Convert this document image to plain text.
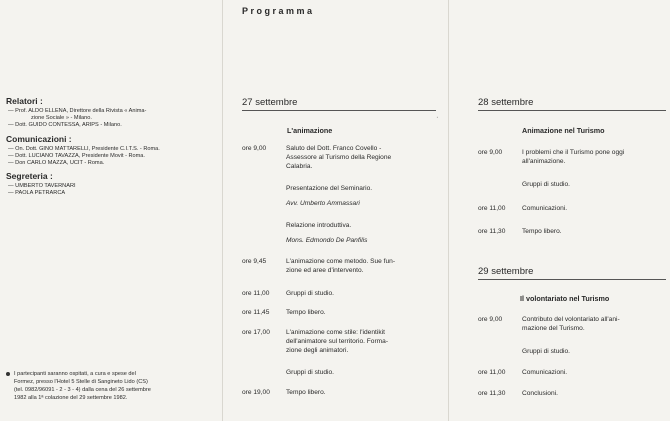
Relatori :
— Prof. ALDO ELLENA, Direttore della Rivista « Anima-
zione Sociale » - Milano.
— Dott. GUIDO CONTESSA, ARIPS - Milano.
Comunicazioni :
— On. Dott. GINO MATTARELLI, Presidente C.I.T.S. - Roma.
— Dott. LUCIANO TAVAZZA, Presidente Movit - Roma.
— Don CARLO MAZZA, UCIT - Roma.
Segreteria :
— UMBERTO TAVERNARI
— PAOLA PETRARCA
I partecipanti saranno ospitati, a cura e spese del
Formez, presso l'Hotel 5 Stelle di Sangineto Lido (CS)
(tel. 0982/96091 - 2 - 3 - 4) dalla cena del 26 settembre
1982 alla 1ª colazione del 29 settembre 1982.
Programma
27 settembre
L'animazione
ore 9,00	Saluto del Dott. Franco Covello -
Assessore al Turismo della Regione
Calabria.
Presentazione del Seminario.
Avv. Umberto Ammassari
Relazione introduttiva.
Mons. Edmondo De Panfilis
ore 9,45	L'animazione come metodo. Sue fun-
zione ed aree d'intervento.
ore 11,00	Gruppi di studio.
ore 11,45	Tempo libero.
ore 17,00 L'animazione come stile: l'identikit
dell'animatore sul territorio. Forma-
zione degli animatori.
Gruppi di studio.
ore 19,00 Tempo libero.
ˈ
28 settembre
Animazione nel Turismo
ore 9,00	I problemi che il Turismo pone oggi
all'animazione.
Gruppi di studio.
ore 11,00	Comunicazioni.
ore 11,30	Tempo libero.
29 settembre
Il volontariato nel Turismo
ore 9,00	Contributo del volontariato all'ani-
mazione del Turismo.
Gruppi di studio.
ore 11,00	Comunicazioni.
ore 11,30	Conclusioni.
